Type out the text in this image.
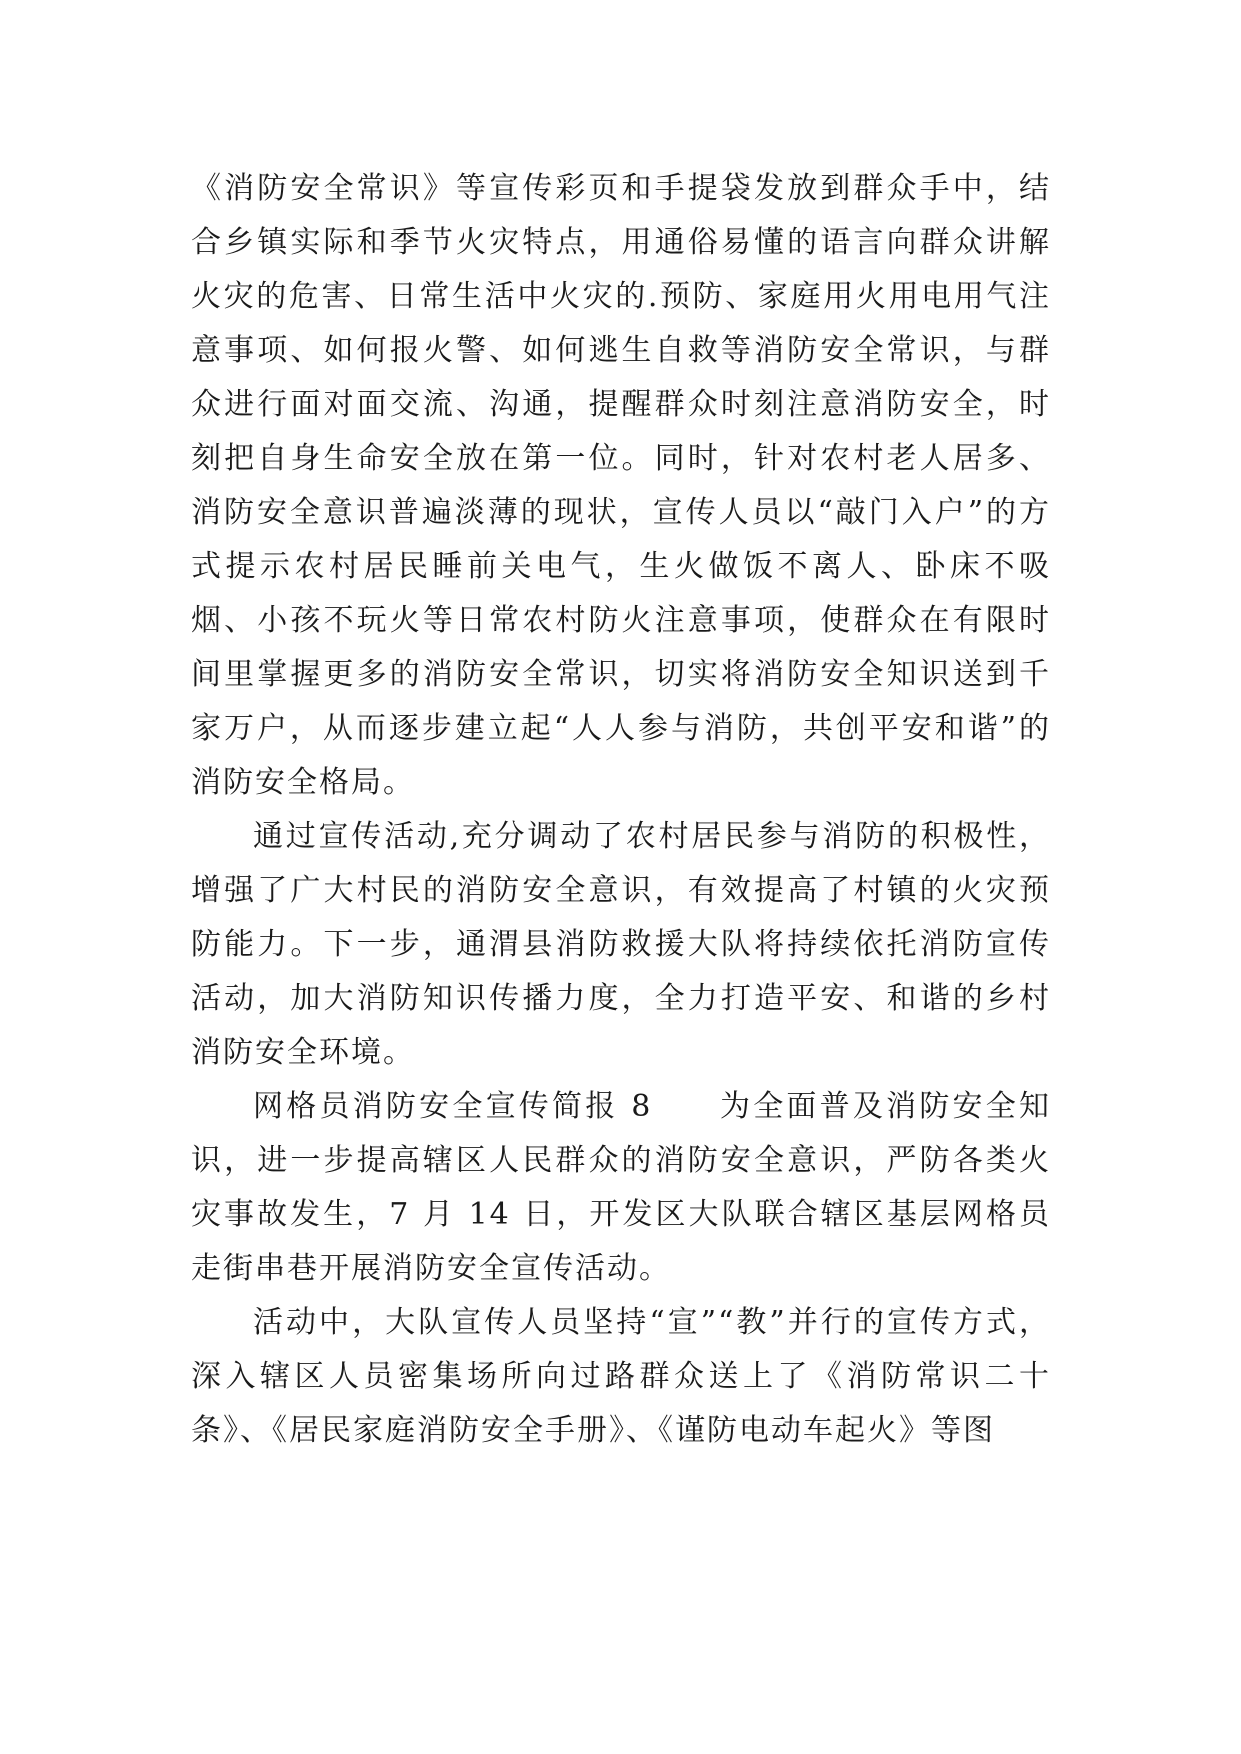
《消防安全常识》等宣传彩页和手提袋发放到群众手中，结合乡镇实际和季节火灾特点，用通俗易懂的语言向群众讲解火灾的危害、日常生活中火灾的.预防、家庭用火用电用气注意事项、如何报火警、如何逃生自救等消防安全常识，与群众进行面对面交流、沟通，提醒群众时刻注意消防安全，时刻把自身生命安全放在第一位。同时，针对农村老人居多、消防安全意识普遍淡薄的现状，宣传人员以“敲门入户”的方式提示农村居民睡前关电气，生火做饭不离人、卧床不吸烟、小孩不玩火等日常农村防火注意事项，使群众在有限时间里掌握更多的消防安全常识，切实将消防安全知识送到千家万户，从而逐步建立起“人人参与消防，共创平安和谐”的消防安全格局。

通过宣传活动,充分调动了农村居民参与消防的积极性，增强了广大村民的消防安全意识，有效提高了村镇的火灾预防能力。下一步，通渭县消防救援大队将持续依托消防宣传活动，加大消防知识传播力度，全力打造平安、和谐的乡村消防安全环境。

网格员消防安全宣传简报 8　　为全面普及消防安全知识，进一步提高辖区人民群众的消防安全意识，严防各类火灾事故发生，7 月 14 日，开发区大队联合辖区基层网格员走街串巷开展消防安全宣传活动。

活动中，大队宣传人员坚持“宣”“教”并行的宣传方式，深入辖区人员密集场所向过路群众送上了《消防常识二十条》、《居民家庭消防安全手册》、《谨防电动车起火》等图
